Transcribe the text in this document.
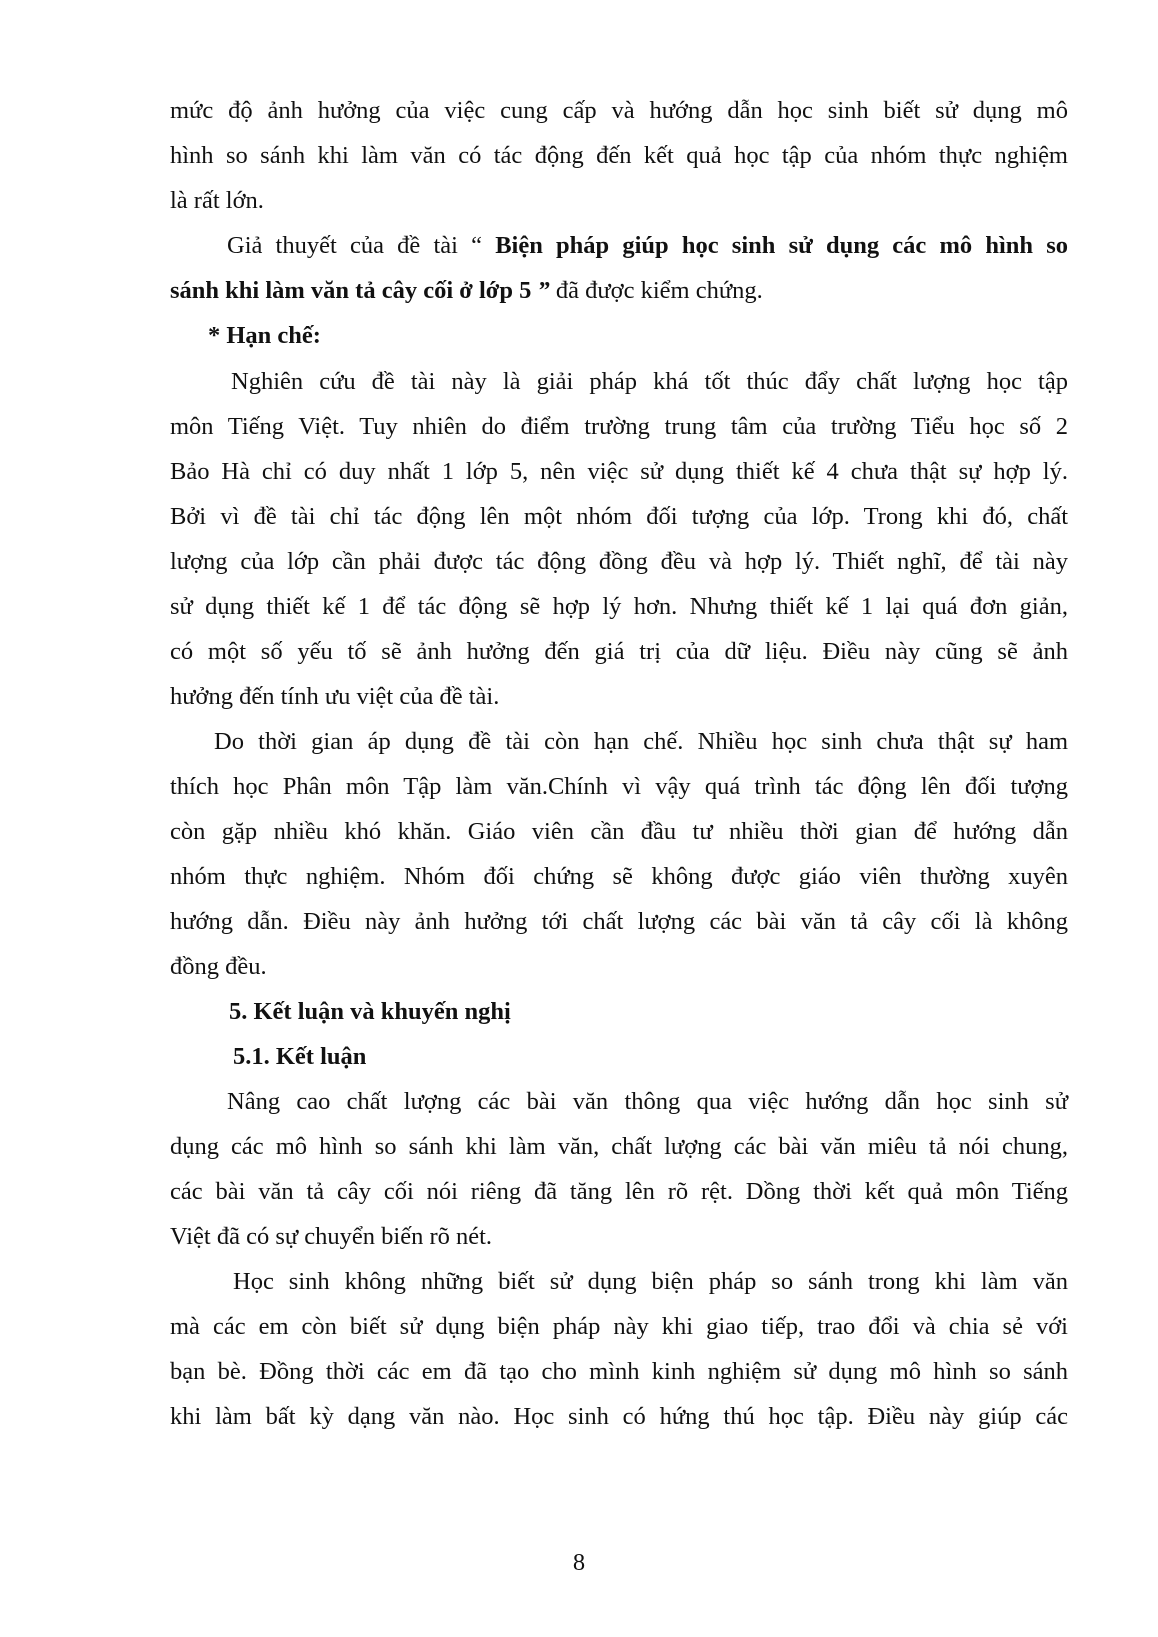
mức độ ảnh hưởng của việc cung cấp và hướng dẫn học sinh biết sử dụng mô
hình so sánh khi làm văn có tác động đến kết quả học tập của nhóm thực nghiệm
là rất lớn.
Giả thuyết của đề tài “ Biện pháp giúp học sinh sử dụng các mô hình so
sánh khi làm văn tả cây cối ở lớp 5 ” đã được kiểm chứng.
* Hạn chế:
Nghiên cứu đề tài này là giải pháp khá tốt thúc đẩy chất lượng học tập
môn Tiếng Việt. Tuy nhiên do điểm trường trung tâm của trường Tiểu học số 2
Bảo Hà chỉ có duy nhất 1 lớp 5, nên việc sử dụng thiết kế 4 chưa thật sự hợp lý.
Bởi vì đề tài chỉ tác động lên một nhóm đối tượng của lớp. Trong khi đó, chất
lượng của lớp cần phải được tác động đồng đều và hợp lý. Thiết nghĩ, để tài này
sử dụng thiết kế 1 để tác động sẽ hợp lý hơn. Nhưng thiết kế 1 lại quá đơn giản,
có một số yếu tố sẽ ảnh hưởng đến giá trị của dữ liệu. Điều này cũng sẽ ảnh
hưởng đến tính ưu việt của đề tài.
Do thời gian áp dụng đề tài còn hạn chế. Nhiều học sinh chưa thật sự ham
thích học Phân môn Tập làm văn.Chính vì vậy quá trình tác động lên đối tượng
còn gặp nhiều khó khăn. Giáo viên cần đầu tư nhiều thời gian để hướng dẫn
nhóm thực nghiệm. Nhóm đối chứng sẽ không được giáo viên thường xuyên
hướng dẫn. Điều này ảnh hưởng tới chất lượng các bài văn tả cây cối là không
đồng đều.
5. Kết luận và khuyến nghị
5.1. Kết luận
Nâng cao chất lượng các bài văn thông qua việc hướng dẫn học sinh sử
dụng các mô hình so sánh khi làm văn, chất lượng các bài văn miêu tả nói chung,
các bài văn tả cây cối nói riêng đã tăng lên rõ rệt. Dồng thời kết quả môn Tiếng
Việt đã có sự chuyển biến rõ nét.
Học sinh không những biết sử dụng biện pháp so sánh trong khi làm văn
mà các em còn biết sử dụng biện pháp này khi giao tiếp, trao đổi và chia sẻ với
bạn bè. Đồng thời các em đã tạo cho mình kinh nghiệm sử dụng mô hình so sánh
khi làm bất kỳ dạng văn nào. Học sinh có hứng thú học tập. Điều này giúp các
8
